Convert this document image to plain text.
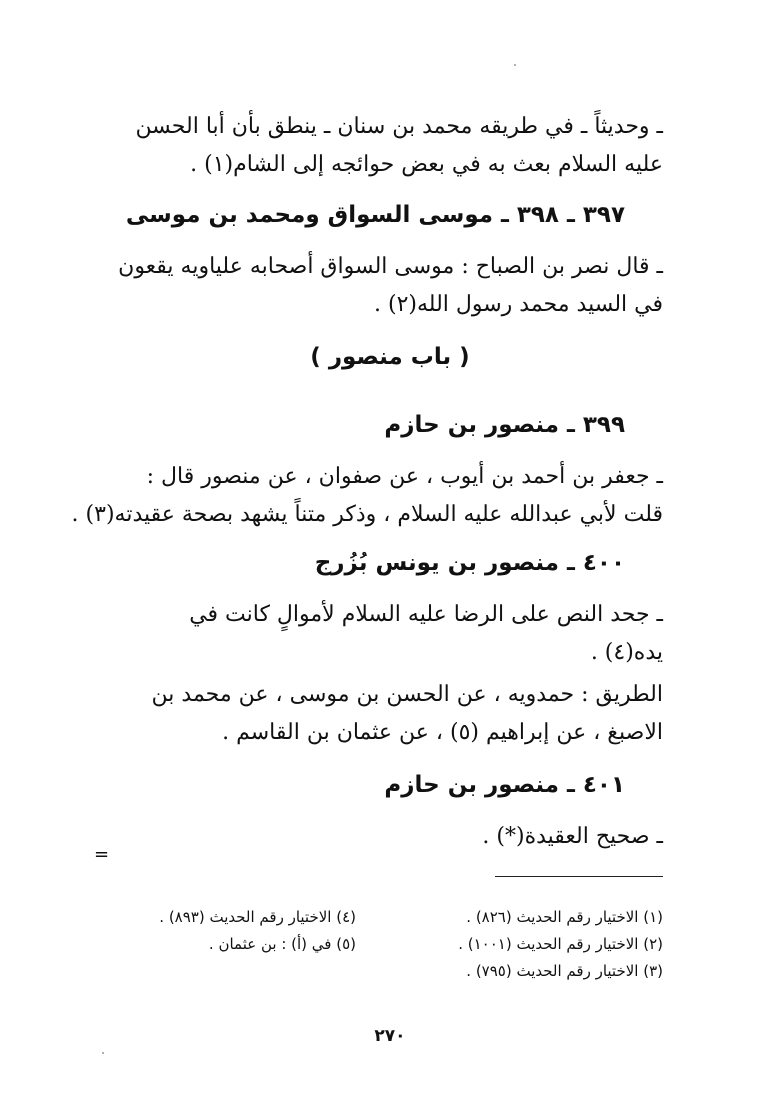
ـ وحديثاً ـ في طريقه محمد بن سنان ـ ينطق بأن أبا الحسن
عليه السلام بعث به في بعض حوائجه إلى الشام(١) .
٣٩٧ ـ ٣٩٨ ـ موسى السواق ومحمد بن موسى
ـ قال نصر بن الصباح : موسى السواق أصحابه علياويه يقعون
في السيد محمد رسول الله(٢) .
( باب منصور )
٣٩٩ ـ منصور بن حازم
ـ جعفر بن أحمد بن أيوب ، عن صفوان ، عن منصور قال :
قلت لأبي عبدالله عليه السلام ، وذكر متناً يشهد بصحة عقيدته(٣) .
٤٠٠ ـ منصور بن يونس بُزُرج
ـ جحد النص على الرضا عليه السلام لأموالٍ كانت في
يده(٤) .
الطريق : حمدويه ، عن الحسن بن موسى ، عن محمد بن
الاصبغ ، عن إبراهيم (٥) ، عن عثمان بن القاسم .
٤٠١ ـ منصور بن حازم
ـ صحيح العقيدة(*) .
=
(١) الاختيار رقم الحديث (٨٢٦) .
(٢) الاختيار رقم الحديث (١٠٠١) .
(٣) الاختيار رقم الحديث (٧٩٥) .
(٤) الاختيار رقم الحديث (٨٩٣) .
(٥) في (أ) : بن عثمان .
٢٧٠
